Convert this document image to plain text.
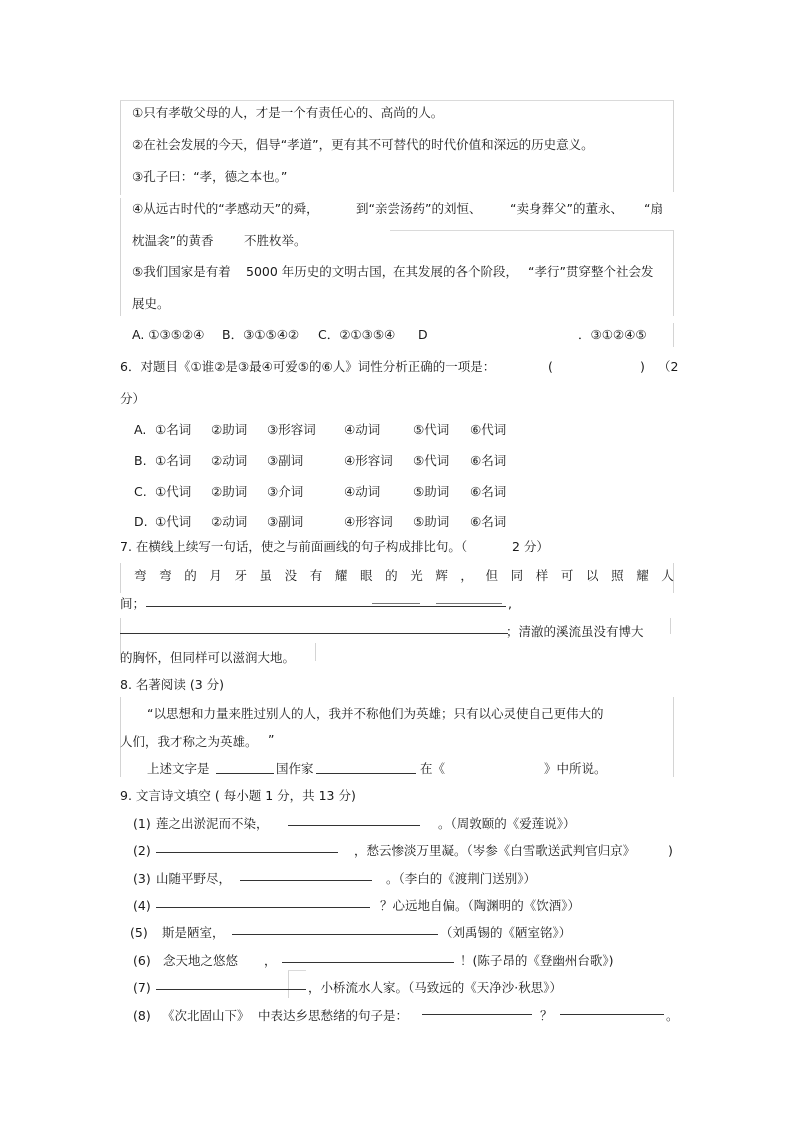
①只有孝敬父母的人，才是一个有责任心的、高尚的人。
②在社会发展的今天，倡导“孝道”，更有其不可替代的时代价值和深远的历史意义。
③孔子曰：“孝，德之本也。”
④从远古时代的“孝感动天”的舜，	到“亲尝汤药”的刘恒、 “卖身葬父”的董永、 “扇
枕温衾”的黄香 不胜枚举。
⑤我们国家是有着 5000 年历史的文明古国，
在其发展的各个阶段， “孝行”贯穿整个社会发
展史。
A. ①③⑤②④ B．③①⑤④② C．②①③⑤④ D	．③①②④⑤
6．对题目《①谁②是③最④可爱⑤的⑥人》词性分析正确的一项是：	(	) （2
分）
A. ①名词 ②助词 ③形容词 ④动词	⑤代词 ⑥代词
B. ①名词 ②动词 ③副词	④形容词 ⑤代词 ⑥名词
C. ①代词 ②助词 ③介词	④动词	⑤助词 ⑥名词
D. ①代词 ②动词 ③副词	④形容词 ⑤助词 ⑥名词
7. 在横线上续写一句话，使之与前面画线的句子构成排比句。（	2 分）
弯 弯 的 月 牙 虽 没 有 耀 眼 的 光 辉 ， 但 同 样 可 以 照 耀 人
间；	,
；清澈的溪流虽没有博大
的胸怀，但同样可以滋润大地。
8. 名著阅读 (3 分)
“以思想和力量来胜过别人的人，我并不称他们为英雄；只有以心灵使自己更伟大的
人们，我才称之为英雄。 ”
上述文字是	国作家	在《	》中所说。
9. 文言诗文填空 ( 每小题 1 分，共 13 分)
(1) 莲之出淤泥而不染，	。（周敦颐的《爱莲说》）
(2)	，愁云惨淡万里凝。（岑参《白雪歌送武判官归京》	)
(3) 山随平野尽，	。（李白的《渡荆门送别》）
(4)	？心远地自偏。（陶渊明的《饮酒》）
(5) 斯是陋室，	（刘禹锡的《陋室铭》）
(6) 念天地之悠悠 ，	！(陈子昂的《登幽州台歌》)
(7)	，小桥流水人家。（马致远的《天净沙·秋思》）
(8) 《次北固山下》 中表达乡思愁绪的句子是：	？	。
